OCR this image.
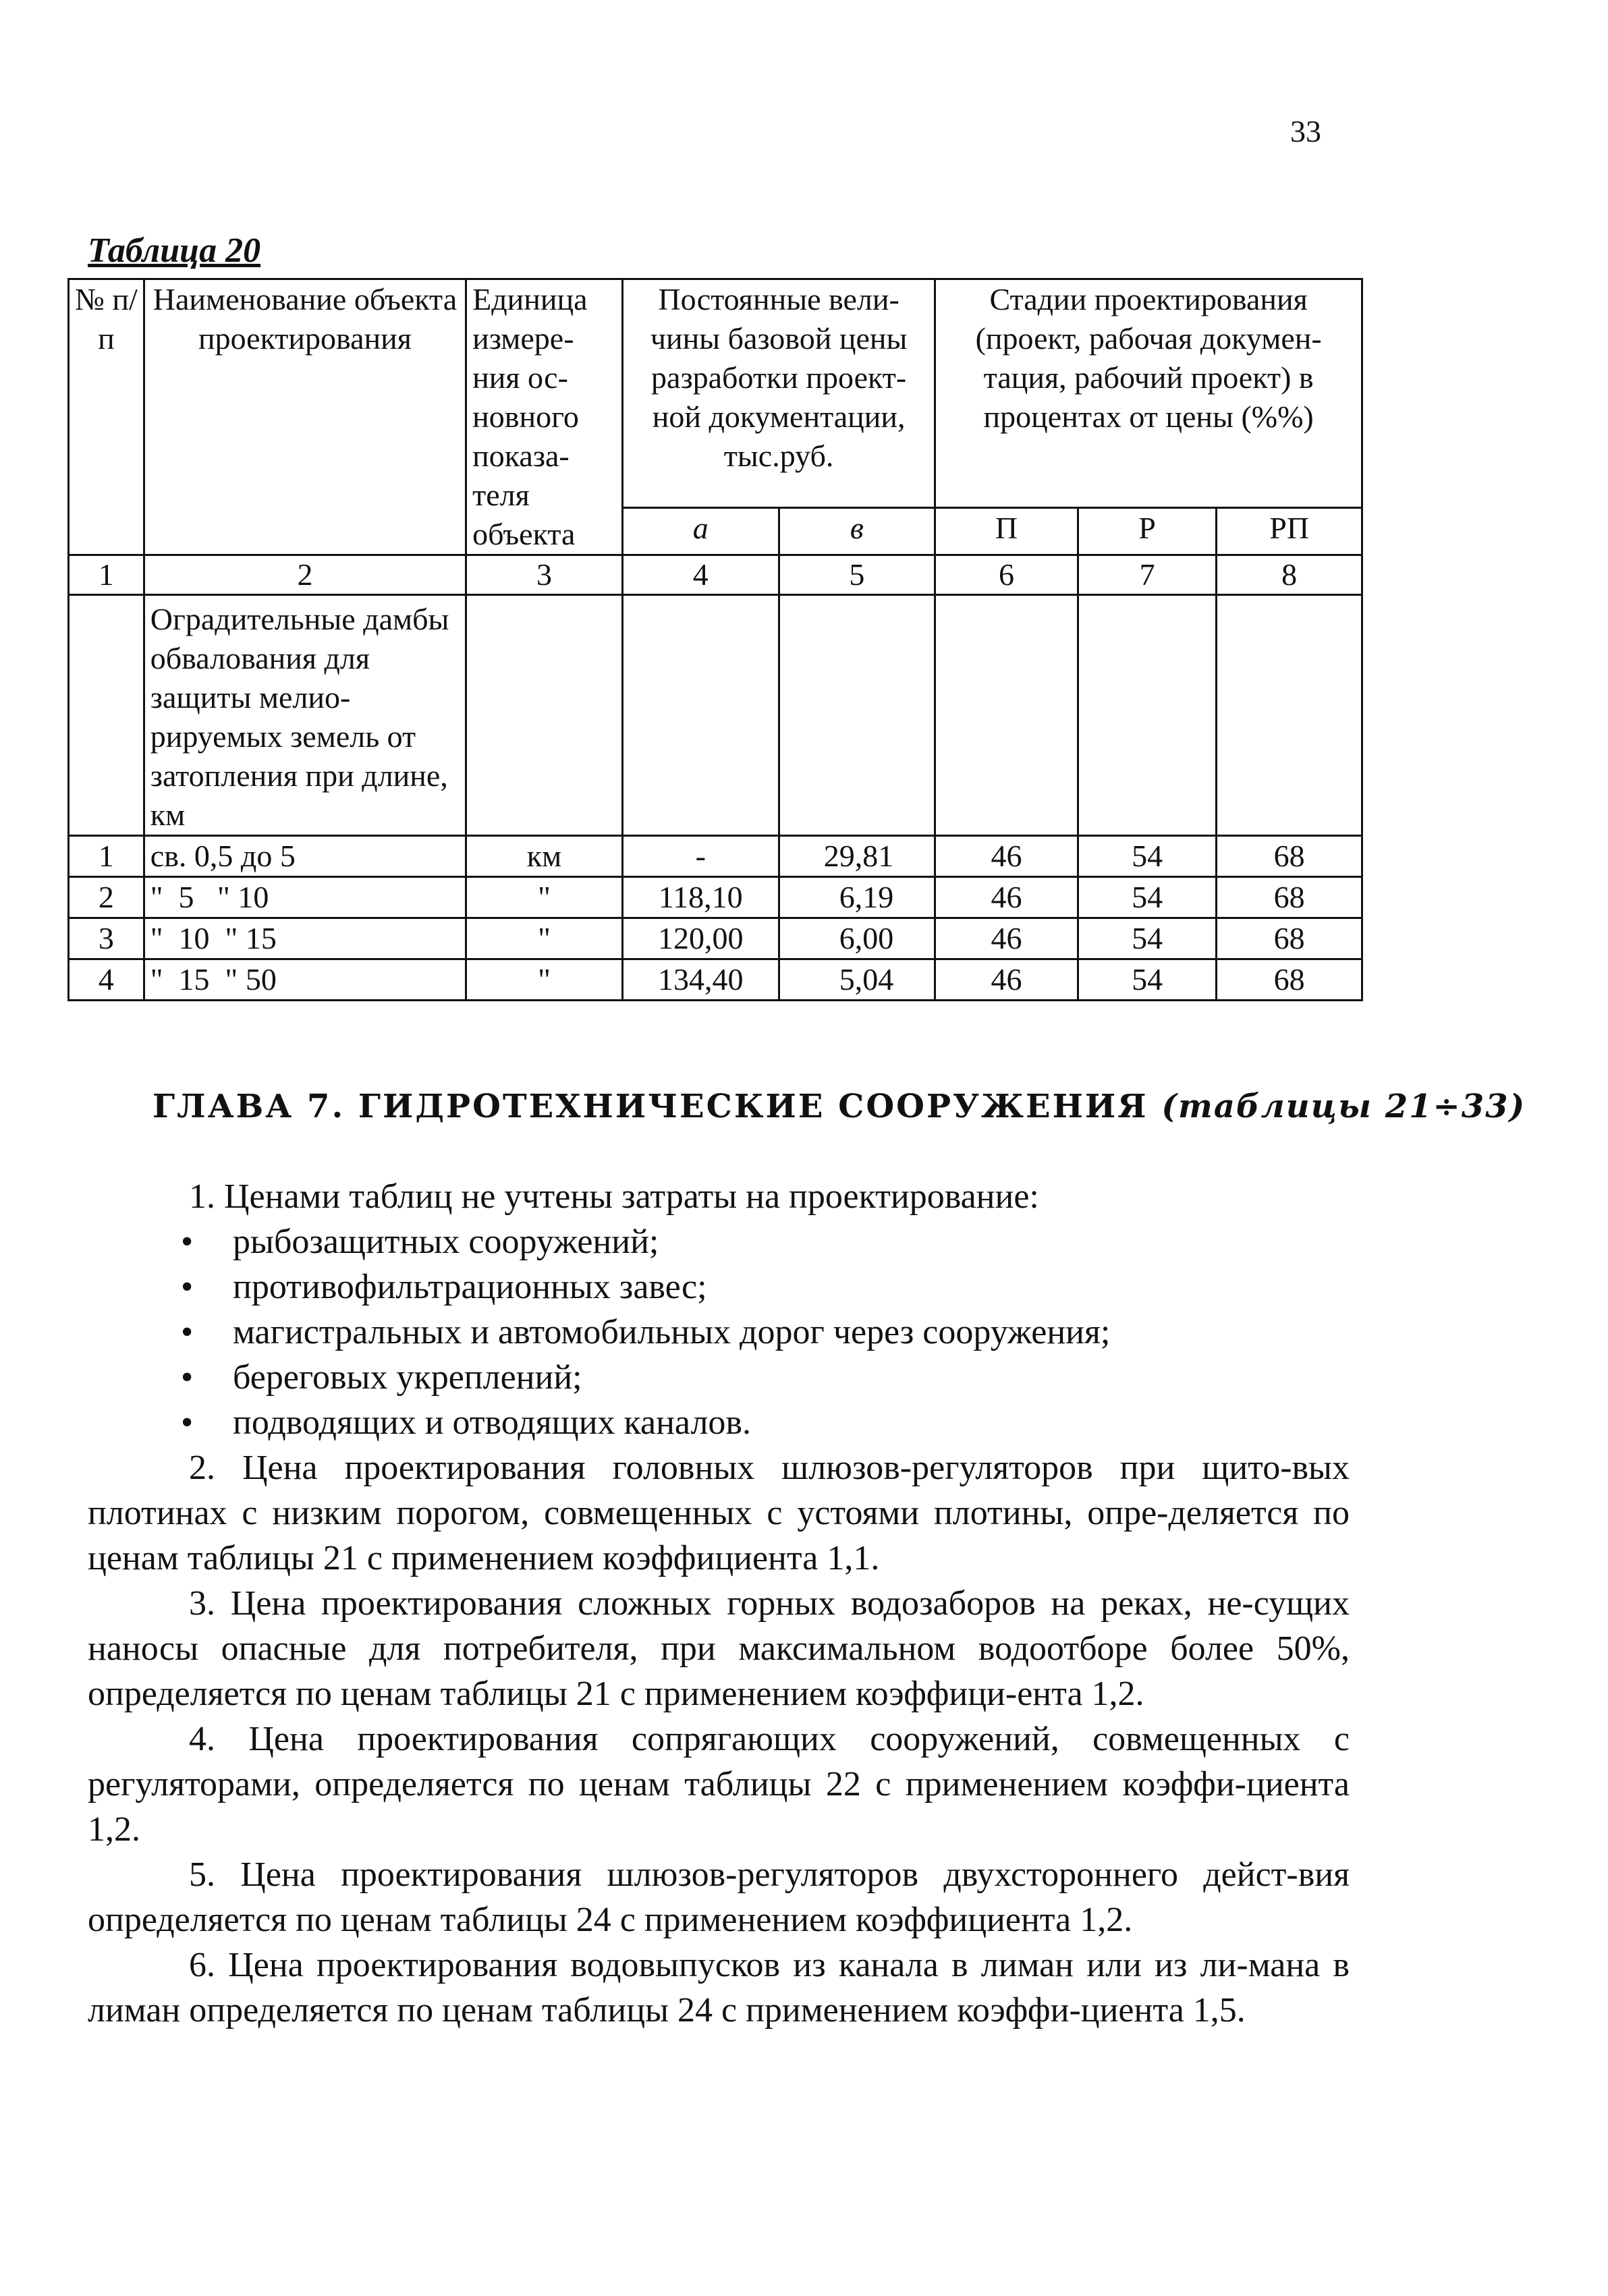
33
Таблица 20
№ п/п	Наименование объекта проектирования	Единица измере-ния ос-новного показа-теля объекта	Постоянные вели-чины базовой цены разработки проект-ной документации, тыс.руб.		Стадии проектирования (проект, рабочая докумен-тация, рабочий проект) в процентах от цены (%%)		
			а	в	П	Р	РП
1	2	3	4	5	6	7	8
	Оградительные дамбы обвалования для защиты мелио-рируемых земель от затопления при длине, км						
1	св. 0,5 до 5	км	-	29,81	46	54	68
2	"  5   " 10	"	118,10	6,19	46	54	68
3	"  10  " 15	"	120,00	6,00	46	54	68
4	"  15  " 50	"	134,40	5,04	46	54	68
ГЛАВА 7. ГИДРОТЕХНИЧЕСКИЕ СООРУЖЕНИЯ (таблицы 21÷33)

1. Ценами таблиц не учтены затраты на проектирование:

• рыбозащитных сооружений;
• противофильтрационных завес;
• магистральных и автомобильных дорог через сооружения;
• береговых укреплений;
• подводящих и отводящих каналов.

2. Цена проектирования головных шлюзов-регуляторов при щито-вых плотинах с низким порогом, совмещенных с устоями плотины, опре-деляется по ценам таблицы 21 с применением коэффициента 1,1.

3. Цена проектирования сложных горных водозаборов на реках, не-сущих наносы опасные для потребителя, при максимальном водоотборе более 50%, определяется по ценам таблицы 21 с применением коэффици-ента 1,2.

4. Цена проектирования сопрягающих сооружений, совмещенных с регуляторами, определяется по ценам таблицы 22 с применением коэффи-циента 1,2.

5. Цена проектирования шлюзов-регуляторов двухстороннего дейст-вия определяется по ценам таблицы 24 с применением коэффициента 1,2.

6. Цена проектирования водовыпусков из канала в лиман или из ли-мана в лиман определяется по ценам таблицы 24 с применением коэффи-циента 1,5.
